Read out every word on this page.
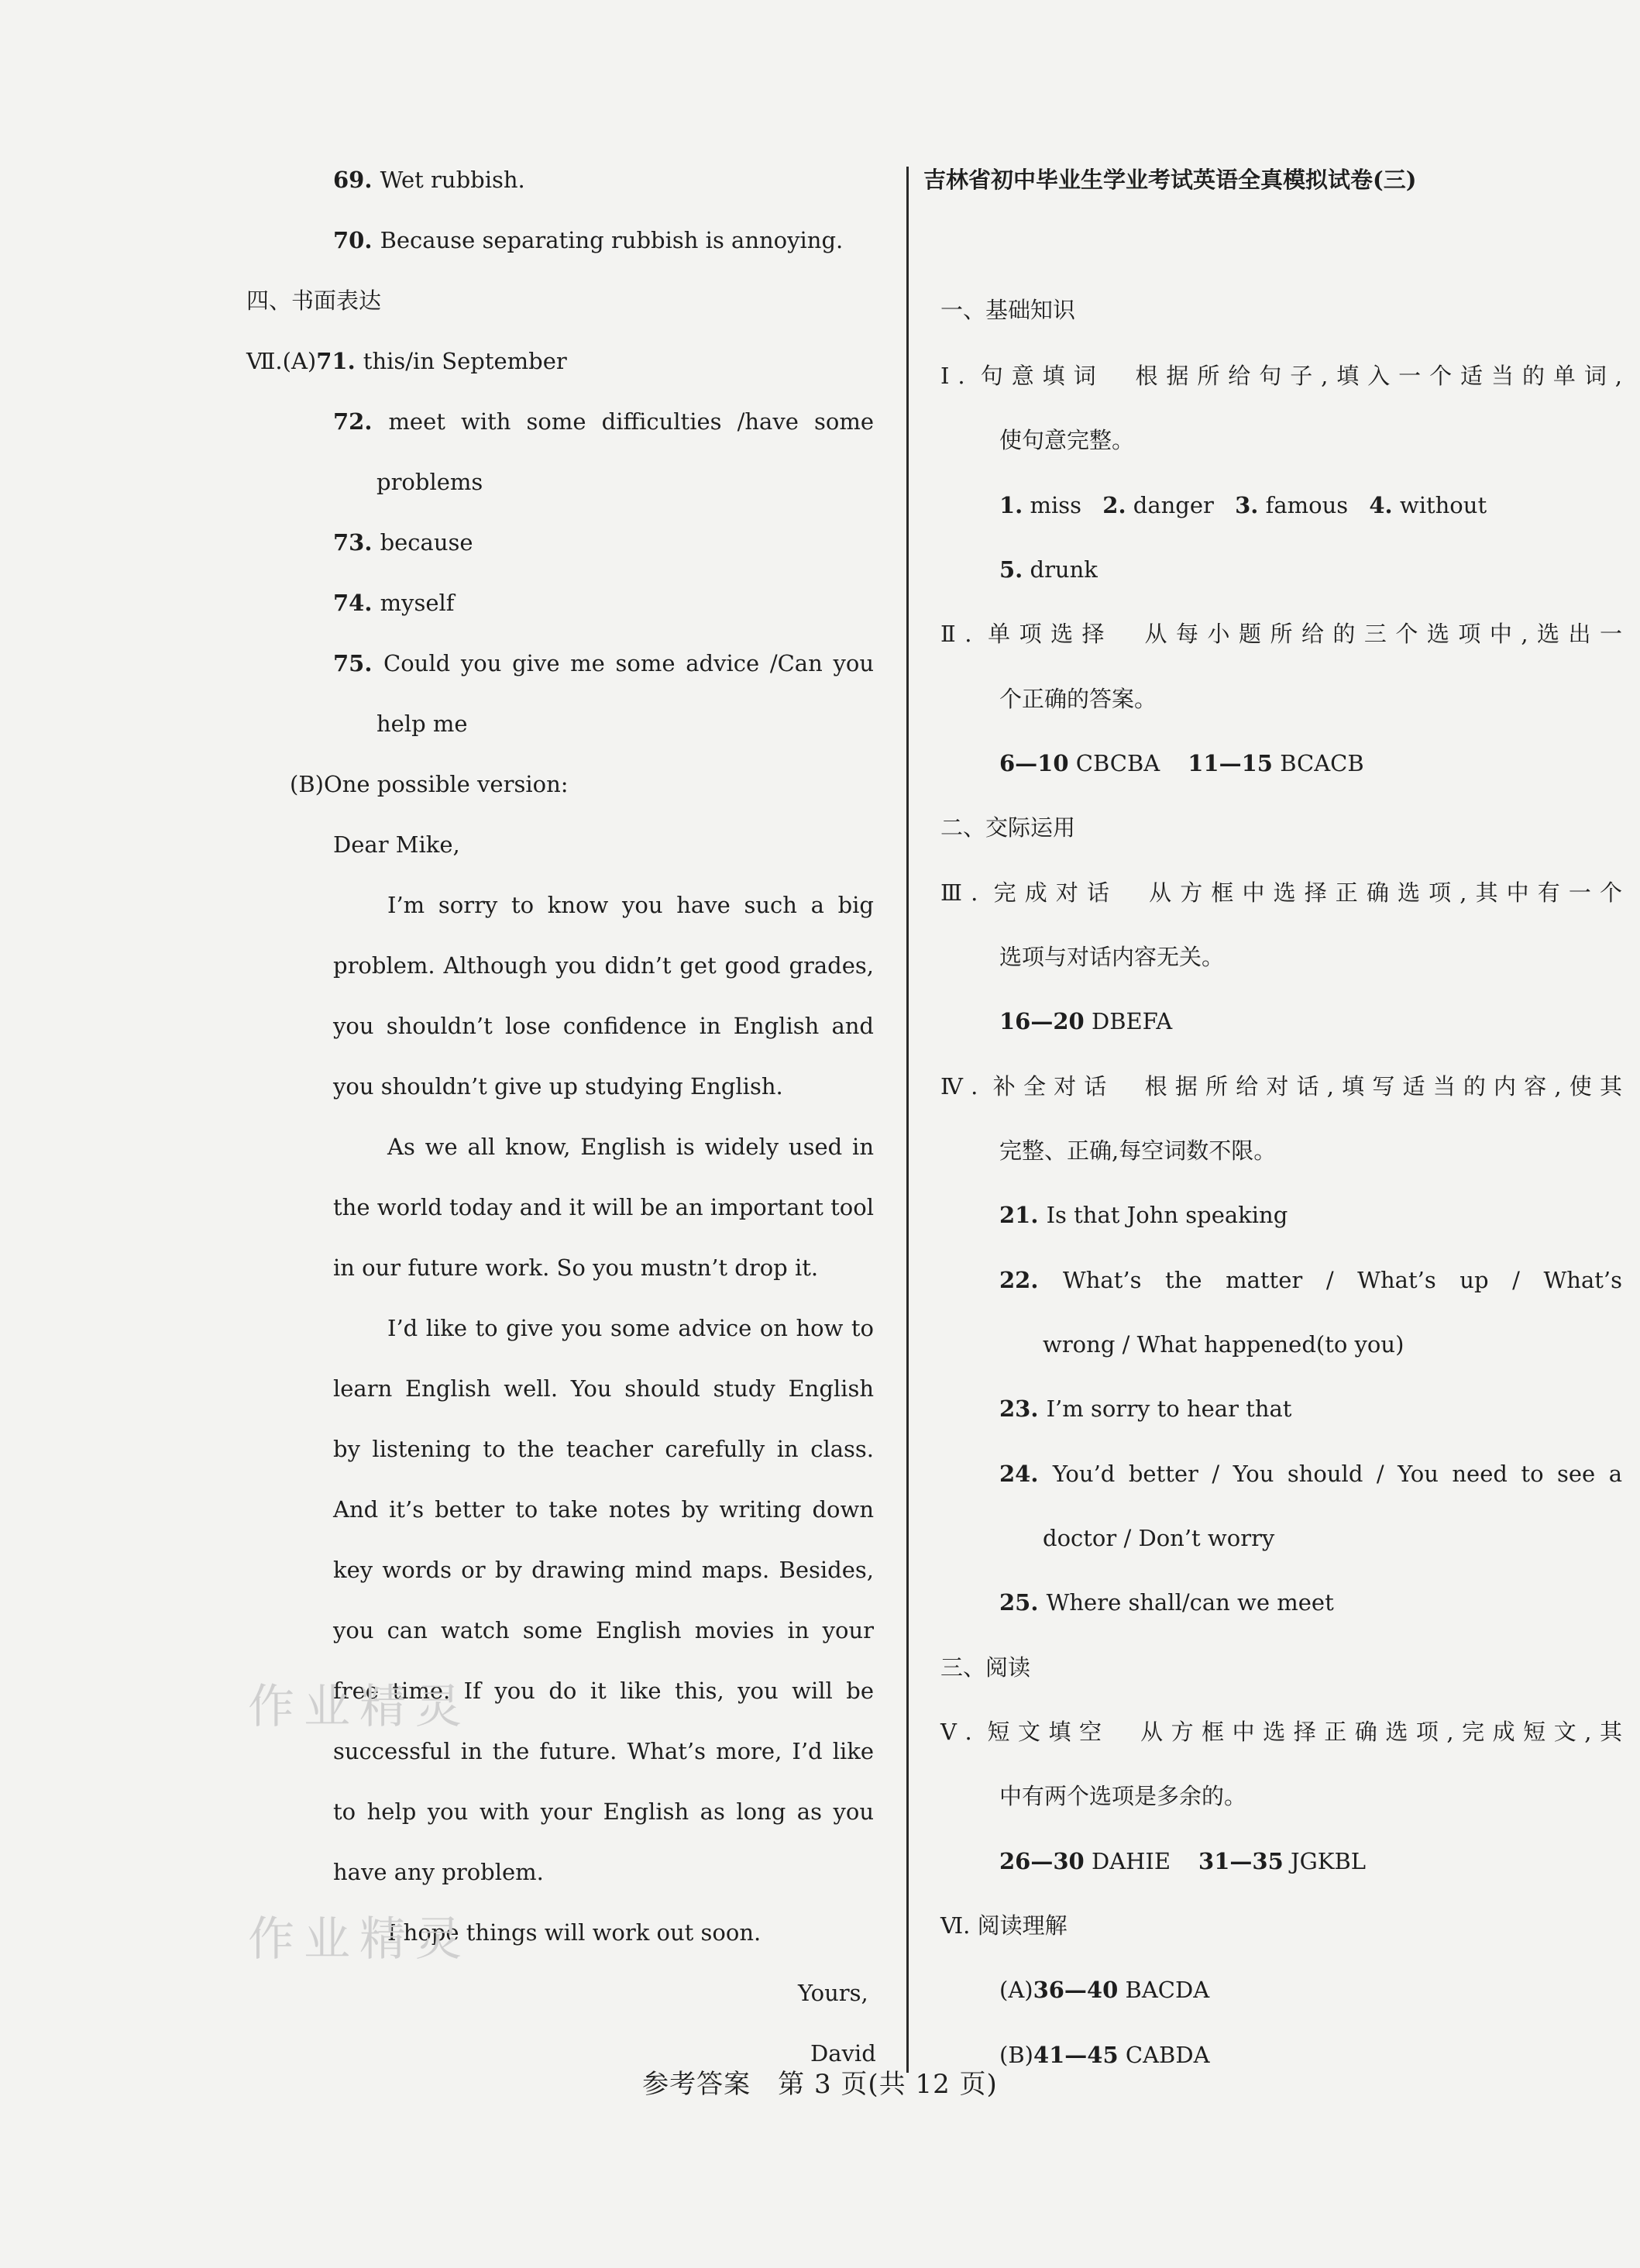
69. Wet rubbish.
70. Because separating rubbish is annoying.
四、书面表达
Ⅶ.(A)71. this/in September
72. meet with some difficulties /have some
problems
73. because
74. myself
75. Could you give me some advice /Can you
help me
(B)One possible version:
Dear Mike,
I’m sorry to know you have such a big
problem. Although you didn’t get good grades,
you shouldn’t lose confidence in English and
you shouldn’t give up studying English.
As we all know, English is widely used in
the world today and it will be an important tool
in our future work. So you mustn’t drop it.
I’d like to give you some advice on how to
learn English well. You should study English
by listening to the teacher carefully in class.
And it’s better to take notes by writing down
key words or by drawing mind maps. Besides,
you can watch some English movies in your
free time. If you do it like this, you will be
successful in the future. What’s more, I’d like
to help you with your English as long as you
have any problem.
I hope things will work out soon.
Yours,
David
作业精灵
作业精灵
吉林省初中毕业生学业考试英语全真模拟试卷(三)
一、基础知识
Ⅰ. 句意填词　根据所给句子,填入一个适当的单词,
使句意完整。
1. miss 2. danger 3. famous 4. without
5. drunk
Ⅱ. 单项选择　从每小题所给的三个选项中,选出一
个正确的答案。
6—10 CBCBA 11—15 BCACB
二、交际运用
Ⅲ. 完成对话　从方框中选择正确选项,其中有一个
选项与对话内容无关。
16—20 DBEFA
Ⅳ. 补全对话　根据所给对话,填写适当的内容,使其
完整、正确,每空词数不限。
21. Is that John speaking
22. What’s the matter / What’s up / What’s
wrong / What happened(to you)
23. I’m sorry to hear that
24. You’d better / You should / You need to see a
doctor / Don’t worry
25. Where shall/can we meet
三、阅读
Ⅴ. 短文填空　从方框中选择正确选项,完成短文,其
中有两个选项是多余的。
26—30 DAHIE 31—35 JGKBL
Ⅵ. 阅读理解
(A)36—40 BACDA
(B)41—45 CABDA
参考答案　第 3 页(共 12 页)
